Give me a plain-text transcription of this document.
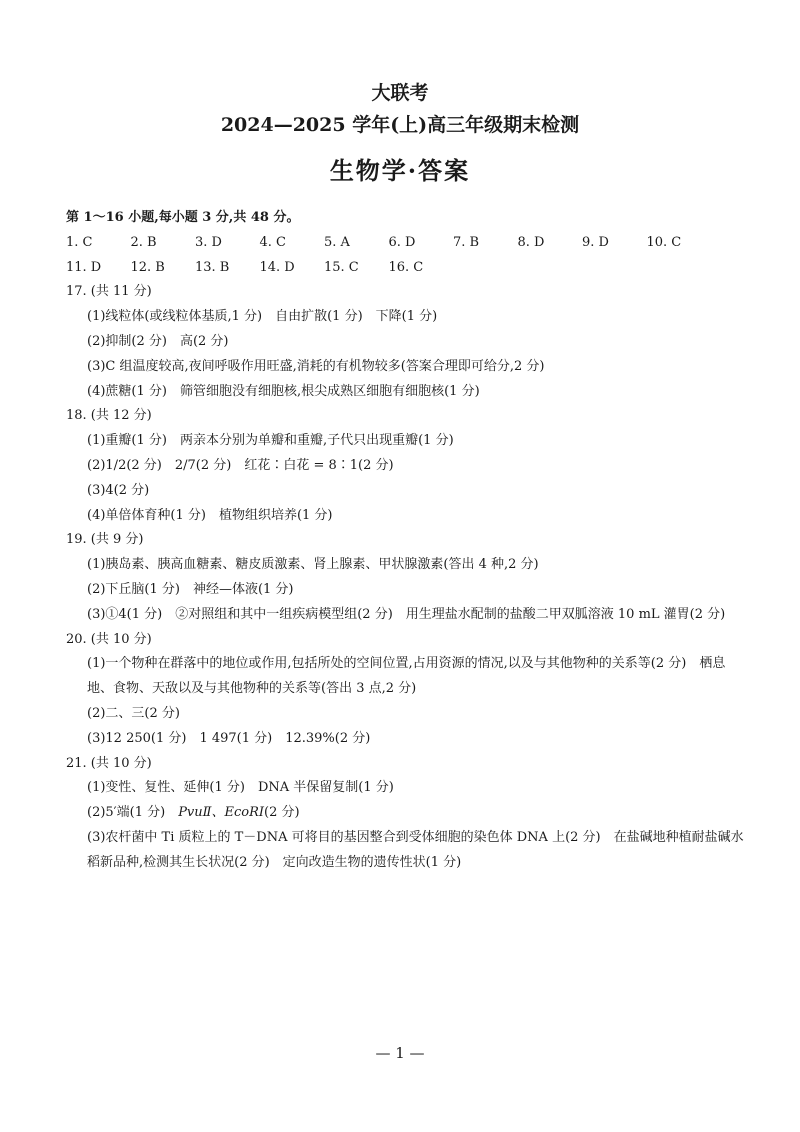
大联考
2024—2025 学年(上)高三年级期末检测
生物学·答案
第 1～16 小题,每小题 3 分,共 48 分。
1. C	2. B	3. D	4. C	5. A	6. D	7. B	8. D	9. D	10. C
11. D	12. B	13. B	14. D	15. C	16. C
17. (共 11 分)
(1)线粒体(或线粒体基质,1 分)　自由扩散(1 分)　下降(1 分)
(2)抑制(2 分)　高(2 分)
(3)C 组温度较高,夜间呼吸作用旺盛,消耗的有机物较多(答案合理即可给分,2 分)
(4)蔗糖(1 分)　筛管细胞没有细胞核,根尖成熟区细胞有细胞核(1 分)
18. (共 12 分)
(1)重瓣(1 分)　两亲本分别为单瓣和重瓣,子代只出现重瓣(1 分)
(2)1/2(2 分)　2/7(2 分)　红花∶白花 = 8∶1(2 分)
(3)4(2 分)
(4)单倍体育种(1 分)　植物组织培养(1 分)
19. (共 9 分)
(1)胰岛素、胰高血糖素、糖皮质激素、肾上腺素、甲状腺激素(答出 4 种,2 分)
(2)下丘脑(1 分)　神经—体液(1 分)
(3)①4(1 分)　②对照组和其中一组疾病模型组(2 分)　用生理盐水配制的盐酸二甲双胍溶液 10 mL 灌胃(2 分)
20. (共 10 分)
(1)一个物种在群落中的地位或作用,包括所处的空间位置,占用资源的情况,以及与其他物种的关系等(2 分)　栖息地、食物、天敌以及与其他物种的关系等(答出 3 点,2 分)
(2)二、三(2 分)
(3)12 250(1 分)　1 497(1 分)　12.39%(2 分)
21. (共 10 分)
(1)变性、复性、延伸(1 分)　DNA 半保留复制(1 分)
(2)5′端(1 分)　PvuⅡ、EcoRⅠ(2 分)
(3)农杆菌中 Ti 质粒上的 T－DNA 可将目的基因整合到受体细胞的染色体 DNA 上(2 分)　在盐碱地种植耐盐碱水稻新品种,检测其生长状况(2 分)　定向改造生物的遗传性状(1 分)
— 1 —
